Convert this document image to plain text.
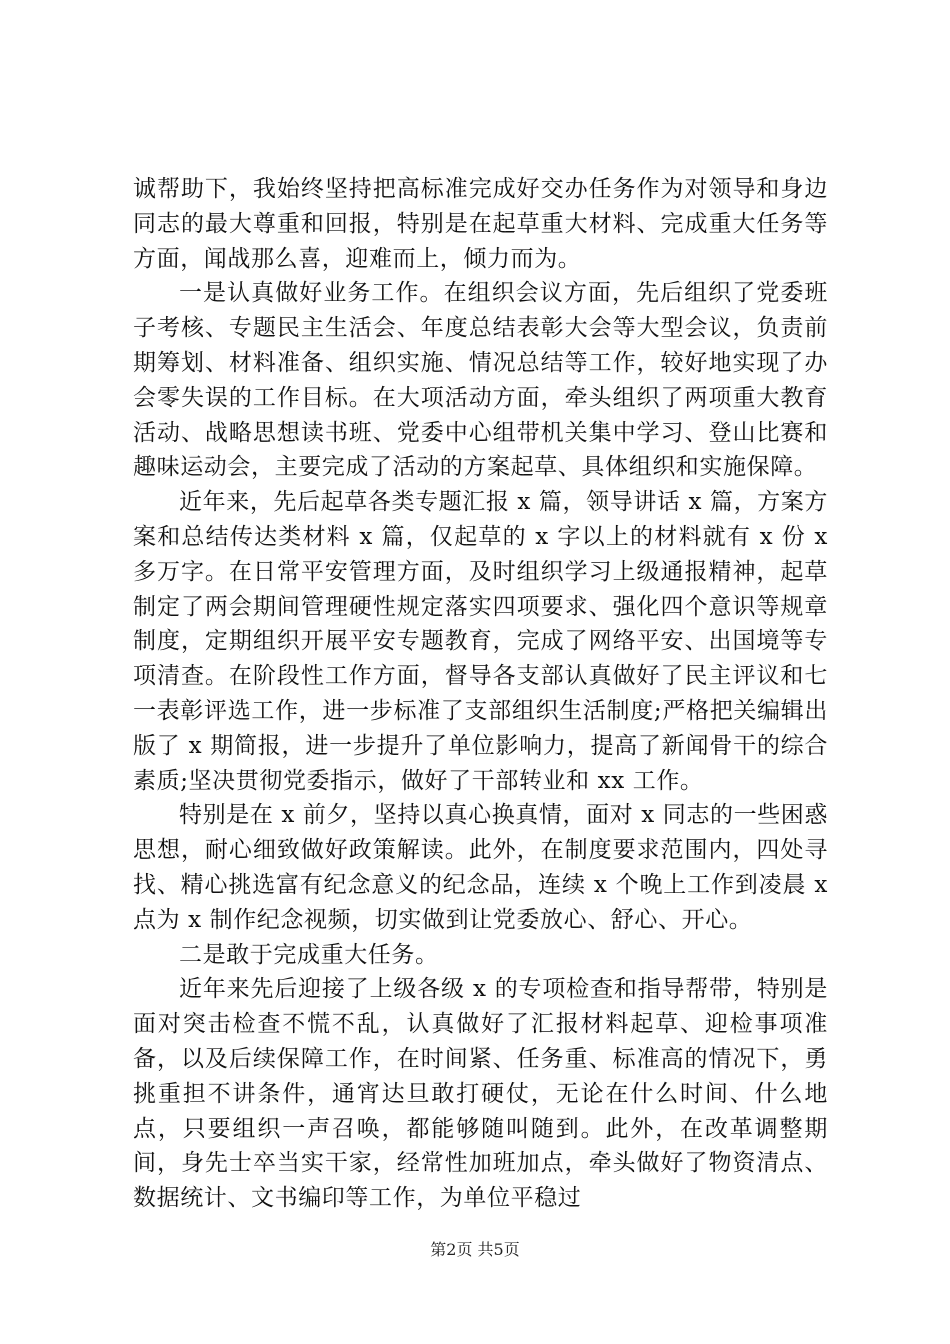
诚帮助下，我始终坚持把高标准完成好交办任务作为对领导和身边同志的最大尊重和回报，特别是在起草重大材料、完成重大任务等方面，闻战那么喜，迎难而上，倾力而为。

一是认真做好业务工作。在组织会议方面，先后组织了党委班子考核、专题民主生活会、年度总结表彰大会等大型会议，负责前期筹划、材料准备、组织实施、情况总结等工作，较好地实现了办会零失误的工作目标。在大项活动方面，牵头组织了两项重大教育活动、战略思想读书班、党委中心组带机关集中学习、登山比赛和趣味运动会，主要完成了活动的方案起草、具体组织和实施保障。

近年来，先后起草各类专题汇报 x 篇，领导讲话 x 篇，方案方案和总结传达类材料 x 篇，仅起草的 x 字以上的材料就有 x 份 x 多万字。在日常平安管理方面，及时组织学习上级通报精神，起草制定了两会期间管理硬性规定落实四项要求、强化四个意识等规章制度，定期组织开展平安专题教育，完成了网络平安、出国境等专项清查。在阶段性工作方面，督导各支部认真做好了民主评议和七一表彰评选工作，进一步标准了支部组织生活制度;严格把关编辑出版了 x 期简报，进一步提升了单位影响力，提高了新闻骨干的综合素质;坚决贯彻党委指示，做好了干部转业和 xx 工作。

特别是在 x 前夕，坚持以真心换真情，面对 x 同志的一些困惑思想，耐心细致做好政策解读。此外，在制度要求范围内，四处寻找、精心挑选富有纪念意义的纪念品，连续 x 个晚上工作到凌晨 x 点为 x 制作纪念视频，切实做到让党委放心、舒心、开心。

二是敢于完成重大任务。

近年来先后迎接了上级各级 x 的专项检查和指导帮带，特别是面对突击检查不慌不乱，认真做好了汇报材料起草、迎检事项准备，以及后续保障工作，在时间紧、任务重、标准高的情况下，勇挑重担不讲条件，通宵达旦敢打硬仗，无论在什么时间、什么地点，只要组织一声召唤，都能够随叫随到。此外，在改革调整期间，身先士卒当实干家，经常性加班加点，牵头做好了物资清点、数据统计、文书编印等工作，为单位平稳过

第2页 共5页
